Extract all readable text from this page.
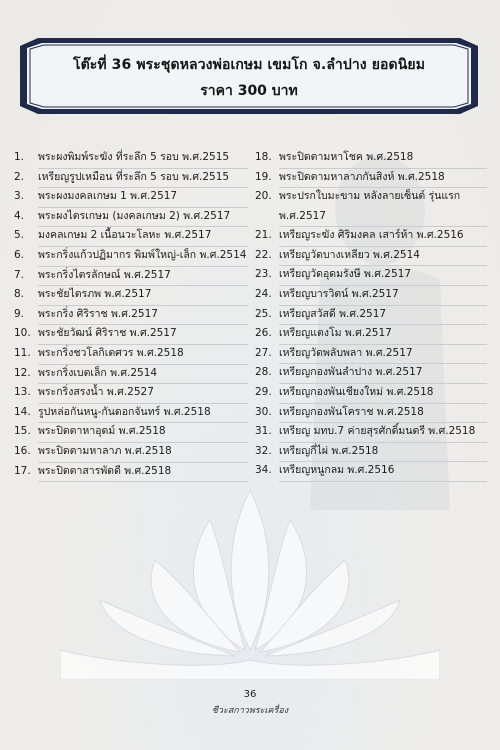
โต๊ะที่ 36 พระชุดหลวงพ่อเกษม เขมโก จ.ลำปาง ยอดนิยม
ราคา 300 บาท
1. พระผงพิมพ์ระฆัง ที่ระลึก 5 รอบ พ.ศ.2515
2. เหรียญรูปเหมือน ที่ระลึก 5 รอบ พ.ศ.2515
3. พระผงมงคลเกษม 1 พ.ศ.2517
4. พระผงไตรเกษม (มงคลเกษม 2) พ.ศ.2517
5. มงคลเกษม 2 เนื้อนวะโลหะ พ.ศ.2517
6. พระกริ่งแก้วปฏิมากร พิมพ์ใหญ่-เล็ก พ.ศ.2514
7. พระกริ่งไตรลักษณ์ พ.ศ.2517
8. พระชัยไตรภพ พ.ศ.2517
9. พระกริ่ง ศิริราช พ.ศ.2517
10. พระชัยวัฒน์ ศิริราช พ.ศ.2517
11. พระกริ่งชวโลกิเตศวร พ.ศ.2518
12. พระกริ่งเบตเล็ก พ.ศ.2514
13. พระกริ่งสรงน้ำ พ.ศ.2527
14. รูปหล่อกันหนู-กันดอกจันทร์ พ.ศ.2518
15. พระปิดตาหาอุดม์ พ.ศ.2518
16. พระปิดตามหาลาภ พ.ศ.2518
17. พระปิดตาสารพัดดี พ.ศ.2518
18. พระปิดตามหาโชค พ.ศ.2518
19. พระปิดตามหาลาภกันสิงห์ พ.ศ.2518
20. พระปรกใบมะขาม หลังลายเซ็นต์ รุ่นแรก พ.ศ.2517
21. เหรียญระฆัง ศิริมงคล เสาร์ห้า พ.ศ.2516
22. เหรียญวัดบางเหลียว พ.ศ.2514
23. เหรียญวัดอุดมรังษี พ.ศ.2517
24. เหรียญบารวิตน์ พ.ศ.2517
25. เหรียญสวัสดี พ.ศ.2517
26. เหรียญแตงโม พ.ศ.2517
27. เหรียญวัดพลับพลา พ.ศ.2517
28. เหรียญกองพันลำปาง พ.ศ.2517
29. เหรียญกองพันเชียงใหม่ พ.ศ.2518
30. เหรียญกองพันโคราช พ.ศ.2518
31. เหรียญ มทบ.7 ค่ายสุรศักดิ์มนตรี พ.ศ.2518
32. เหรียญกี่ไผ่ พ.ศ.2518
34. เหรียญหนูกลม พ.ศ.2516
36
ชีวะสกาวพระเครื่อง
